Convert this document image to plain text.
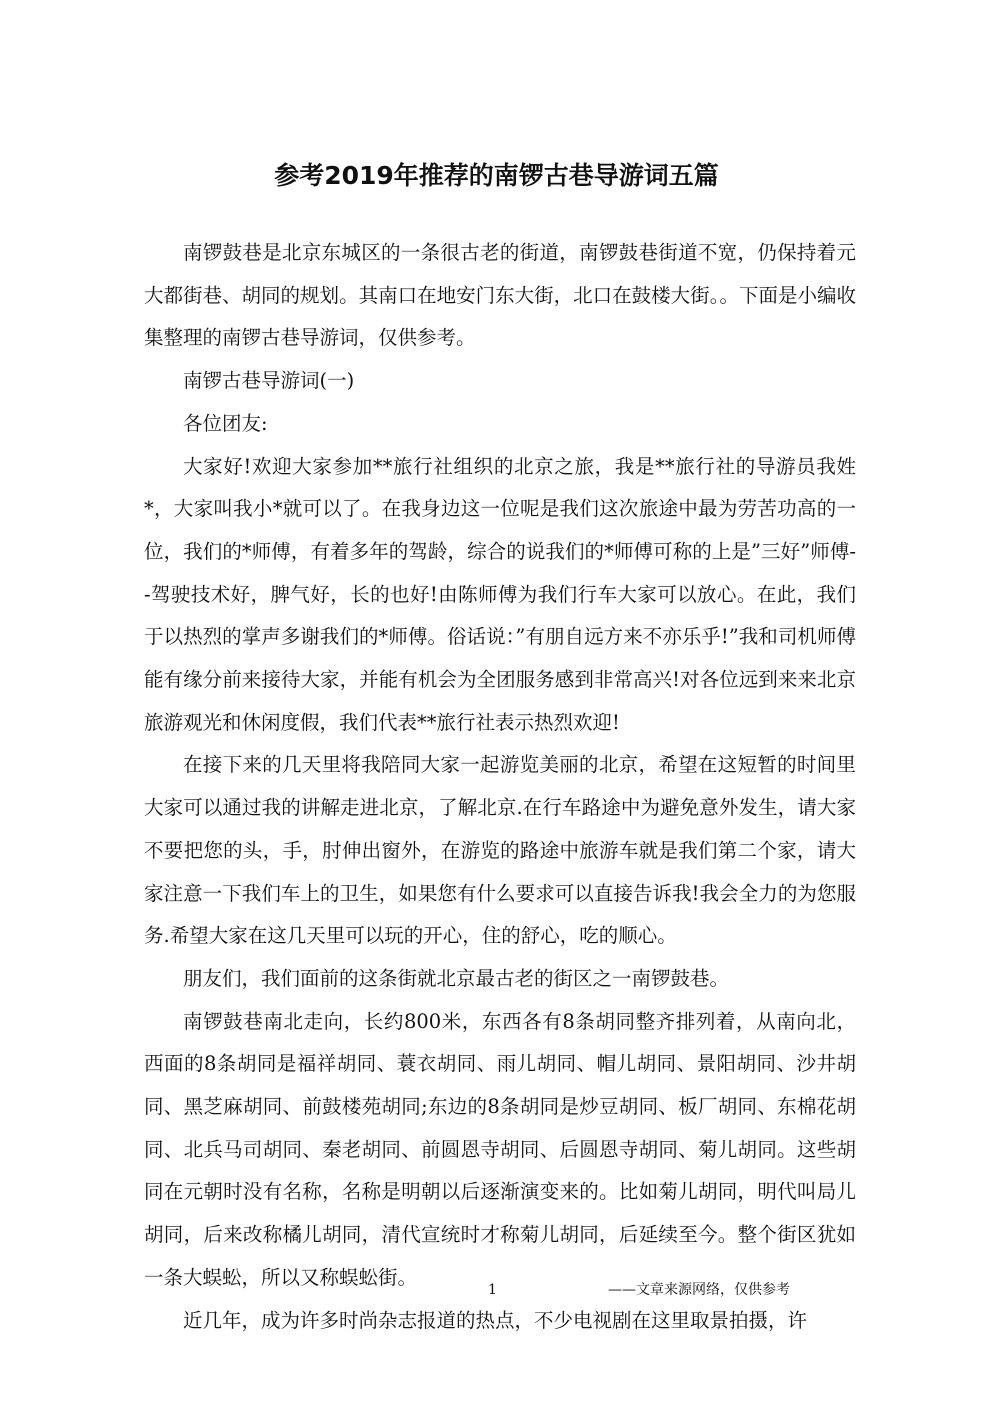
参考2019年推荐的南锣古巷导游词五篇

南锣鼓巷是北京东城区的一条很古老的街道，南锣鼓巷街道不宽，仍保持着元大都街巷、胡同的规划。其南口在地安门东大街，北口在鼓楼大街。。下面是小编收集整理的南锣古巷导游词，仅供参考。

南锣古巷导游词(一)

各位团友:

大家好!欢迎大家参加**旅行社组织的北京之旅，我是**旅行社的导游员我姓*，大家叫我小*就可以了。在我身边这一位呢是我们这次旅途中最为劳苦功高的一位，我们的*师傅，有着多年的驾龄，综合的说我们的*师傅可称的上是”三好”师傅--驾驶技术好，脾气好，长的也好!由陈师傅为我们行车大家可以放心。在此，我们于以热烈的掌声多谢我们的*师傅。俗话说：”有朋自远方来不亦乐乎!”我和司机师傅能有缘分前来接待大家，并能有机会为全团服务感到非常高兴!对各位远到来来北京旅游观光和休闲度假，我们代表**旅行社表示热烈欢迎!

在接下来的几天里将我陪同大家一起游览美丽的北京，希望在这短暂的时间里大家可以通过我的讲解走进北京，了解北京.在行车路途中为避免意外发生，请大家不要把您的头，手，肘伸出窗外，在游览的路途中旅游车就是我们第二个家，请大家注意一下我们车上的卫生，如果您有什么要求可以直接告诉我!我会全力的为您服务.希望大家在这几天里可以玩的开心，住的舒心，吃的顺心。

朋友们，我们面前的这条街就北京最古老的街区之一南锣鼓巷。

南锣鼓巷南北走向，长约800米，东西各有8条胡同整齐排列着，从南向北，西面的8条胡同是福祥胡同、蓑衣胡同、雨儿胡同、帽儿胡同、景阳胡同、沙井胡同、黑芝麻胡同、前鼓楼苑胡同;东边的8条胡同是炒豆胡同、板厂胡同、东棉花胡同、北兵马司胡同、秦老胡同、前圆恩寺胡同、后圆恩寺胡同、菊儿胡同。这些胡同在元朝时没有名称，名称是明朝以后逐渐演变来的。比如菊儿胡同，明代叫局儿胡同，后来改称橘儿胡同，清代宣统时才称菊儿胡同，后延续至今。整个街区犹如一条大蜈蚣，所以又称蜈蚣街。

近几年，成为许多时尚杂志报道的热点，不少电视剧在这里取景拍摄，许

1	——文章来源网络，仅供参考
